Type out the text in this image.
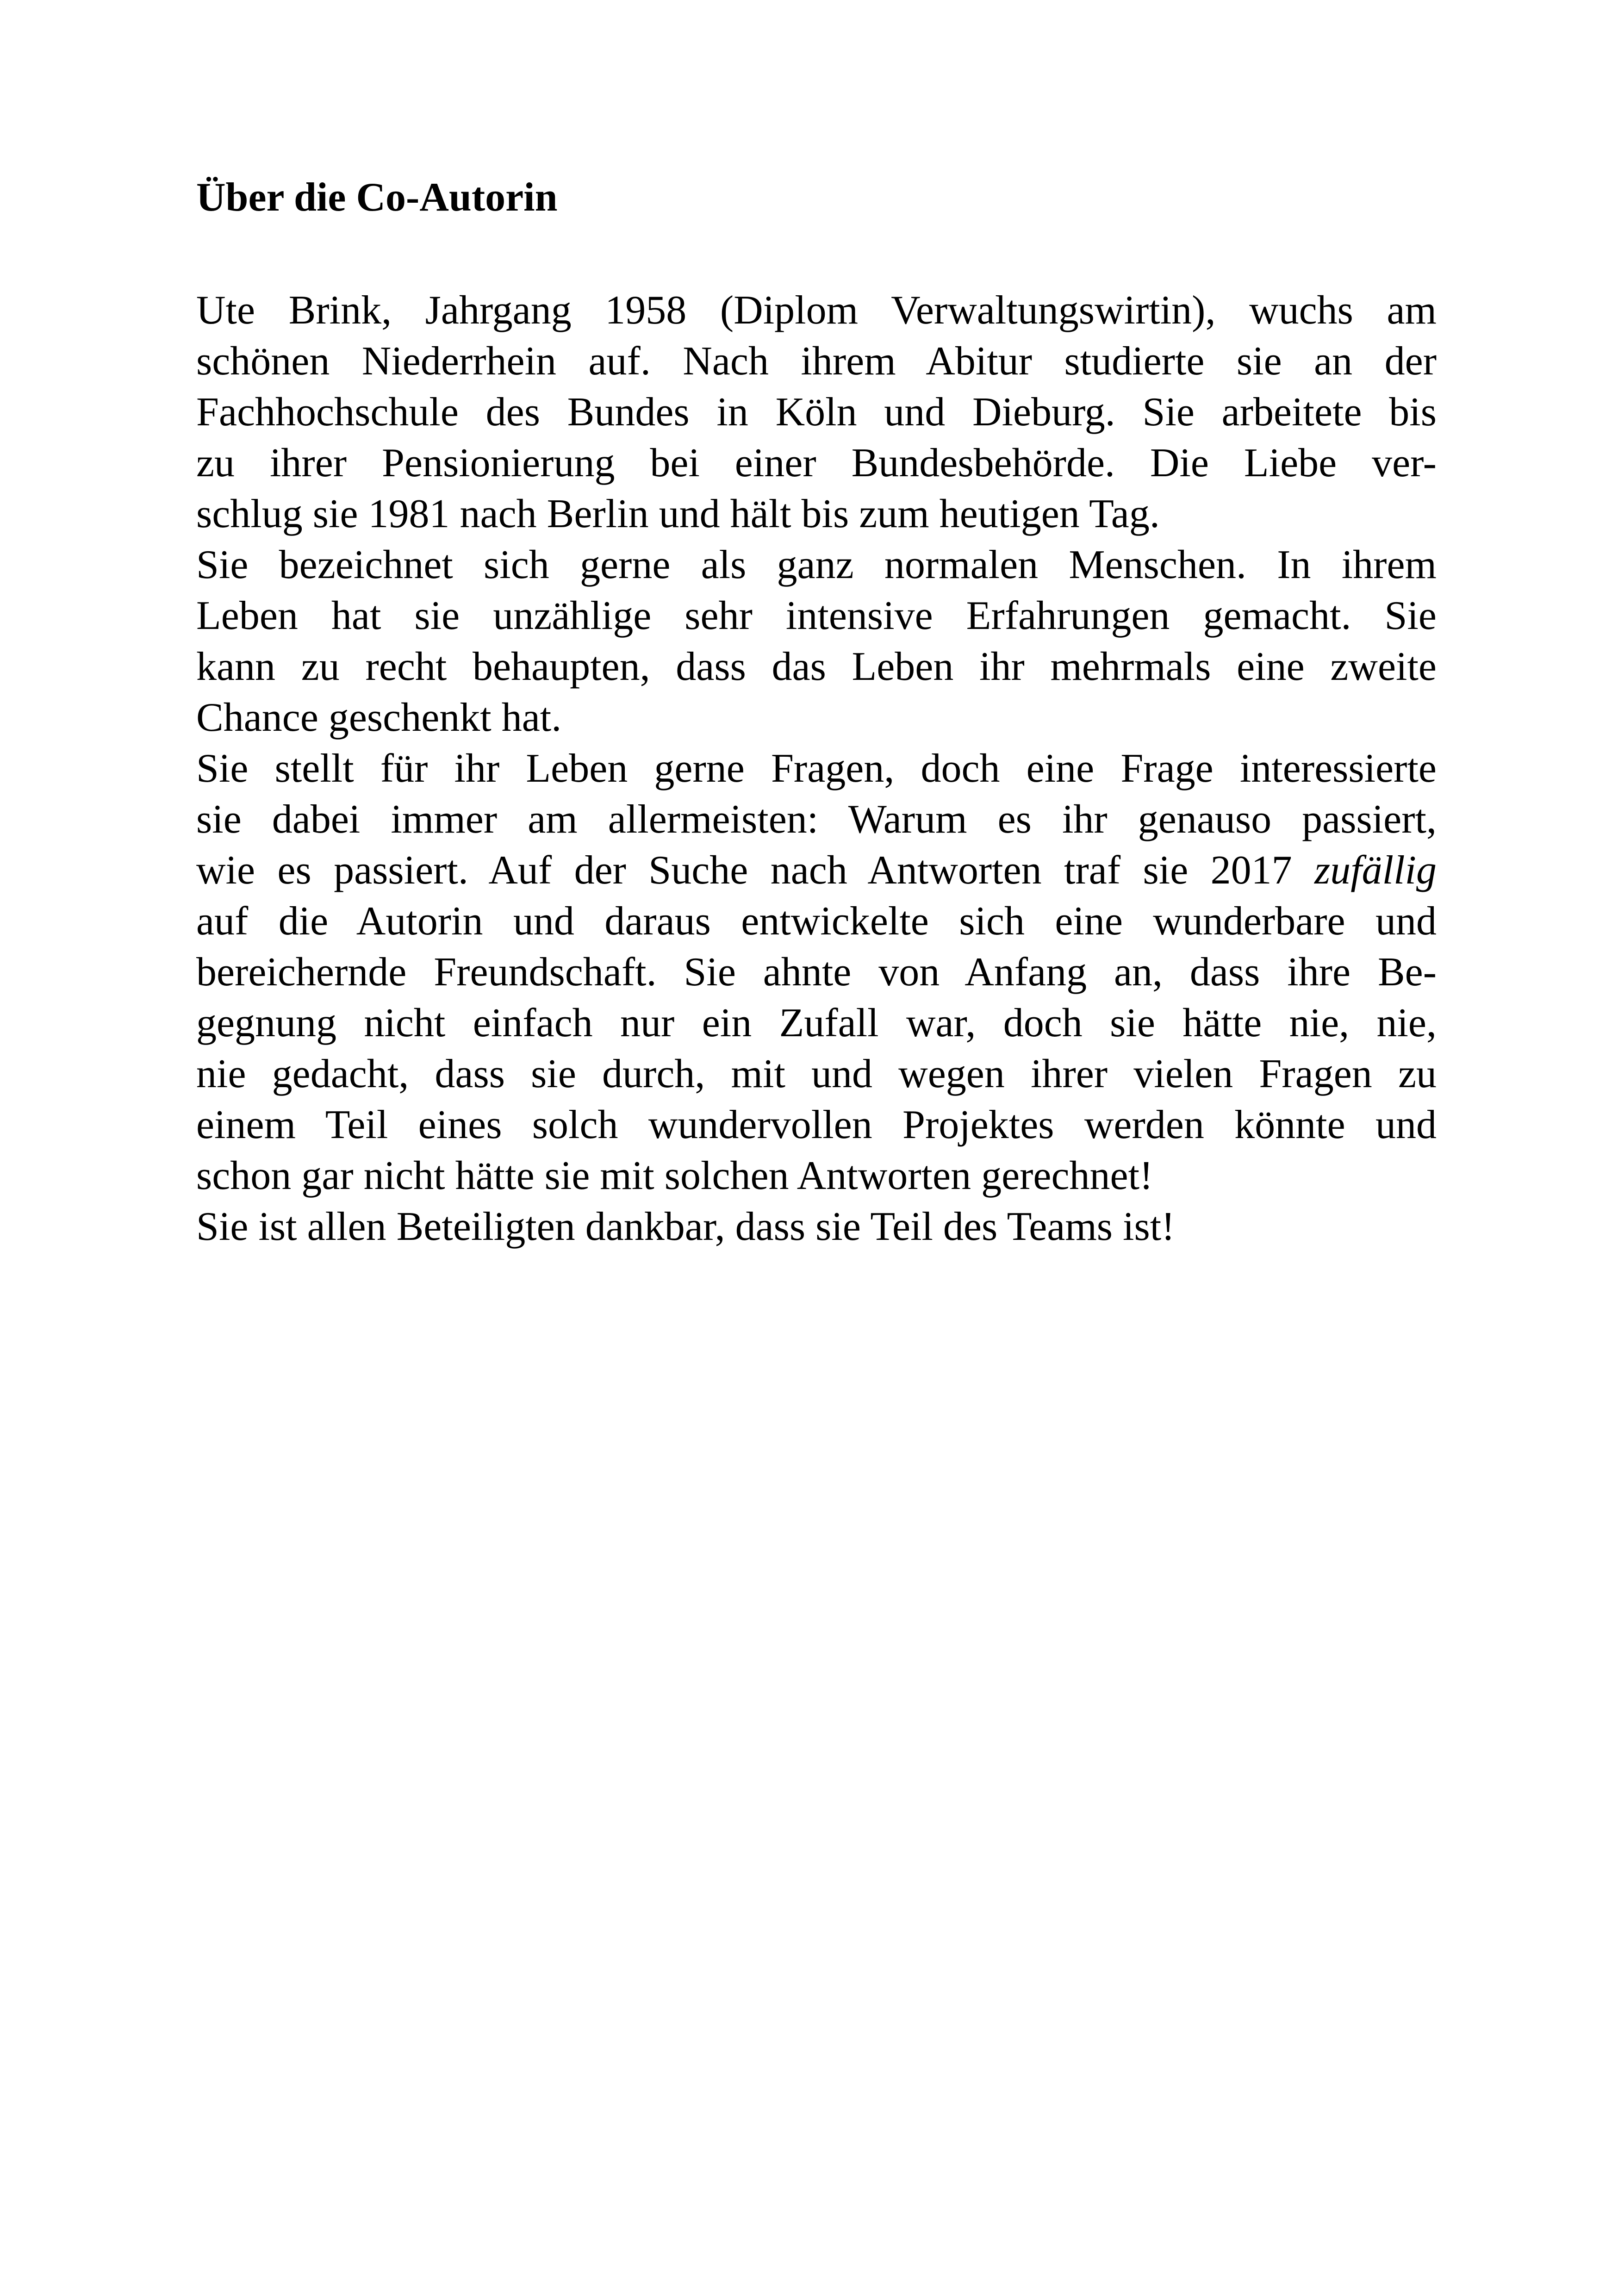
Über die Co-Autorin

Ute Brink, Jahrgang 1958 (Diplom Verwaltungswirtin), wuchs am
schönen Niederrhein auf. Nach ihrem Abitur studierte sie an der
Fachhochschule des Bundes in Köln und Dieburg. Sie arbeitete bis
zu ihrer Pensionierung bei einer Bundesbehörde. Die Liebe ver-
schlug sie 1981 nach Berlin und hält bis zum heutigen Tag.

Sie bezeichnet sich gerne als ganz normalen Menschen. In ihrem
Leben hat sie unzählige sehr intensive Erfahrungen gemacht. Sie
kann zu recht behaupten, dass das Leben ihr mehrmals eine zweite
Chance geschenkt hat.

Sie stellt für ihr Leben gerne Fragen, doch eine Frage interessierte
sie dabei immer am allermeisten: Warum es ihr genauso passiert,
wie es passiert. Auf der Suche nach Antworten traf sie 2017 zufällig
auf die Autorin und daraus entwickelte sich eine wunderbare und
bereichernde Freundschaft. Sie ahnte von Anfang an, dass ihre Be-
gegnung nicht einfach nur ein Zufall war, doch sie hätte nie, nie,
nie gedacht, dass sie durch, mit und wegen ihrer vielen Fragen zu
einem Teil eines solch wundervollen Projektes werden könnte und
schon gar nicht hätte sie mit solchen Antworten gerechnet!

Sie ist allen Beteiligten dankbar, dass sie Teil des Teams ist!
